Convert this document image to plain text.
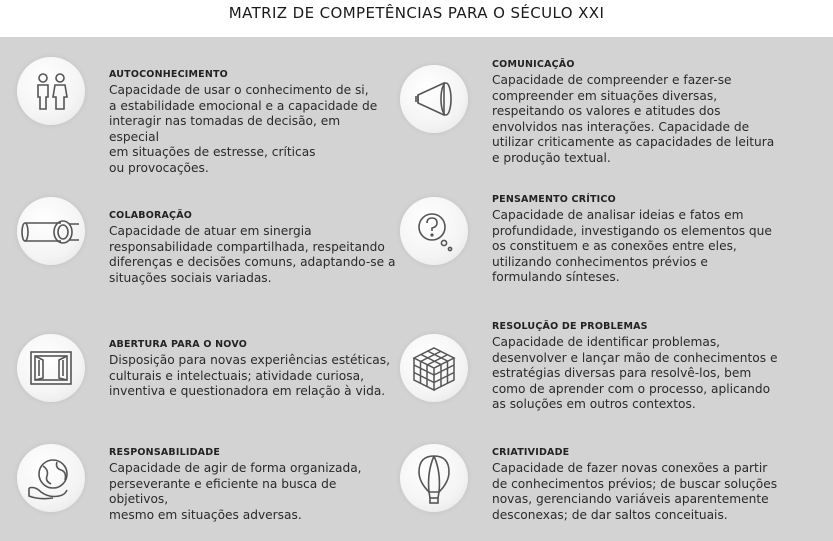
MATRIZ DE COMPETÊNCIAS PARA O SÉCULO XXI
AUTOCONHECIMENTO
Capacidade de usar o conhecimento de si,
a estabilidade emocional e a capacidade de
interagir nas tomadas de decisão, em especial
em situações de estresse, críticas
ou provocações.
COMUNICAÇÃO
Capacidade de compreender e fazer-se
compreender em situações diversas,
respeitando os valores e atitudes dos
envolvidos nas interações. Capacidade de
utilizar criticamente as capacidades de leitura
e produção textual.
COLABORAÇÃO
Capacidade de atuar em sinergia
responsabilidade compartilhada, respeitando
diferenças e decisões comuns, adaptando-se a
situações sociais variadas.
PENSAMENTO CRÍTICO
Capacidade de analisar ideias e fatos em
profundidade, investigando os elementos que
os constituem e as conexões entre eles,
utilizando conhecimentos prévios e
formulando sínteses.
ABERTURA PARA O NOVO
Disposição para novas experiências estéticas,
culturais e intelectuais; atividade curiosa,
inventiva e questionadora em relação à vida.
RESOLUÇÃO DE PROBLEMAS
Capacidade de identificar problemas,
desenvolver e lançar mão de conhecimentos e
estratégias diversas para resolvê-los, bem
como de aprender com o processo, aplicando
as soluções em outros contextos.
RESPONSABILIDADE
Capacidade de agir de forma organizada,
perseverante e eficiente na busca de objetivos,
mesmo em situações adversas.
CRIATIVIDADE
Capacidade de fazer novas conexões a partir
de conhecimentos prévios; de buscar soluções
novas, gerenciando variáveis aparentemente
desconexas; de dar saltos conceituais.
